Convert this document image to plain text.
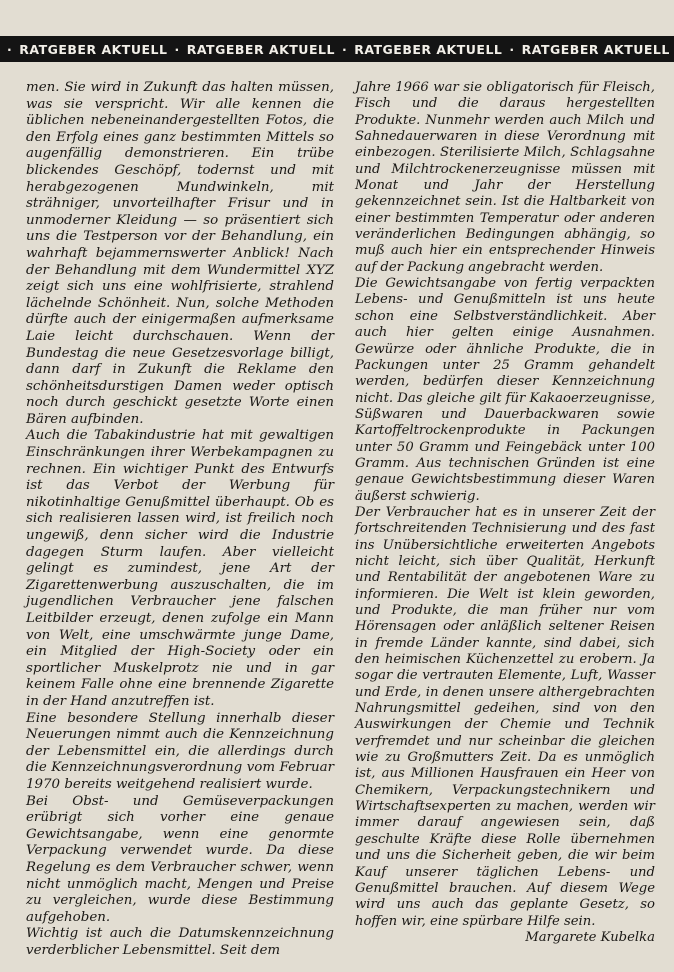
· RATGEBER AKTUELL · RATGEBER AKTUELL · RATGEBER AKTUELL · RATGEBER AKTUELL

men. Sie wird in Zukunft das halten müssen, was sie verspricht. Wir alle kennen die üblichen nebeneinandergestellten Fotos, die den Erfolg eines ganz bestimmten Mittels so augenfällig demonstrieren. Ein trübe blickendes Geschöpf, todernst und mit herabgezogenen Mundwinkeln, mit strähniger, unvorteilhafter Frisur und in unmoderner Kleidung — so präsentiert sich uns die Testperson vor der Behandlung, ein wahrhaft bejammernswerter Anblick! Nach der Behandlung mit dem Wundermittel XYZ zeigt sich uns eine wohlfrisierte, strahlend lächelnde Schönheit. Nun, solche Methoden dürfte auch der einigermaßen aufmerksame Laie leicht durchschauen. Wenn der Bundestag die neue Gesetzesvorlage billigt, dann darf in Zukunft die Reklame den schönheitsdurstigen Damen weder optisch noch durch geschickt gesetzte Worte einen Bären aufbinden.

Auch die Tabakindustrie hat mit gewaltigen Einschränkungen ihrer Werbekampagnen zu rechnen. Ein wichtiger Punkt des Entwurfs ist das Verbot der Werbung für nikotinhaltige Genußmittel überhaupt. Ob es sich realisieren lassen wird, ist freilich noch ungewiß, denn sicher wird die Industrie dagegen Sturm laufen. Aber vielleicht gelingt es zumindest, jene Art der Zigarettenwerbung auszuschalten, die im jugendlichen Verbraucher jene falschen Leitbilder erzeugt, denen zufolge ein Mann von Welt, eine umschwärmte junge Dame, ein Mitglied der High-Society oder ein sportlicher Muskelprotz nie und in gar keinem Falle ohne eine brennende Zigarette in der Hand anzutreffen ist.

Eine besondere Stellung innerhalb dieser Neuerungen nimmt auch die Kennzeichnung der Lebensmittel ein, die allerdings durch die Kennzeichnungsverordnung vom Februar 1970 bereits weitgehend realisiert wurde.

Bei Obst- und Gemüseverpackungen erübrigt sich vorher eine genaue Gewichtsangabe, wenn eine genormte Verpackung verwendet wurde. Da diese Regelung es dem Verbraucher schwer, wenn nicht unmöglich macht, Mengen und Preise zu vergleichen, wurde diese Bestimmung aufgehoben.

Wichtig ist auch die Datumskennzeichnung verderblicher Lebensmittel. Seit dem

Jahre 1966 war sie obligatorisch für Fleisch, Fisch und die daraus hergestellten Produkte. Nunmehr werden auch Milch und Sahnedauerwaren in diese Verordnung mit einbezogen. Sterilisierte Milch, Schlagsahne und Milchtrockenerzeugnisse müssen mit Monat und Jahr der Herstellung gekennzeichnet sein. Ist die Haltbarkeit von einer bestimmten Temperatur oder anderen veränderlichen Bedingungen abhängig, so muß auch hier ein entsprechender Hinweis auf der Packung angebracht werden.

Die Gewichtsangabe von fertig verpackten Lebens- und Genußmitteln ist uns heute schon eine Selbstverständlichkeit. Aber auch hier gelten einige Ausnahmen. Gewürze oder ähnliche Produkte, die in Packungen unter 25 Gramm gehandelt werden, bedürfen dieser Kennzeichnung nicht. Das gleiche gilt für Kakaoerzeugnisse, Süßwaren und Dauerbackwaren sowie Kartoffeltrockenprodukte in Packungen unter 50 Gramm und Feingebäck unter 100 Gramm. Aus technischen Gründen ist eine genaue Gewichtsbestimmung dieser Waren äußerst schwierig.

Der Verbraucher hat es in unserer Zeit der fortschreitenden Technisierung und des fast ins Unübersichtliche erweiterten Angebots nicht leicht, sich über Qualität, Herkunft und Rentabilität der angebotenen Ware zu informieren. Die Welt ist klein geworden, und Produkte, die man früher nur vom Hörensagen oder anläßlich seltener Reisen in fremde Länder kannte, sind dabei, sich den heimischen Küchenzettel zu erobern. Ja sogar die vertrauten Elemente, Luft, Wasser und Erde, in denen unsere althergebrachten Nahrungsmittel gedeihen, sind von den Auswirkungen der Chemie und Technik verfremdet und nur scheinbar die gleichen wie zu Großmutters Zeit. Da es unmöglich ist, aus Millionen Hausfrauen ein Heer von Chemikern, Verpackungstechnikern und Wirtschaftsexperten zu machen, werden wir immer darauf angewiesen sein, daß geschulte Kräfte diese Rolle übernehmen und uns die Sicherheit geben, die wir beim Kauf unserer täglichen Lebens- und Genußmittel brauchen. Auf diesem Wege wird uns auch das geplante Gesetz, so hoffen wir, eine spürbare Hilfe sein.

Margarete Kubelka
